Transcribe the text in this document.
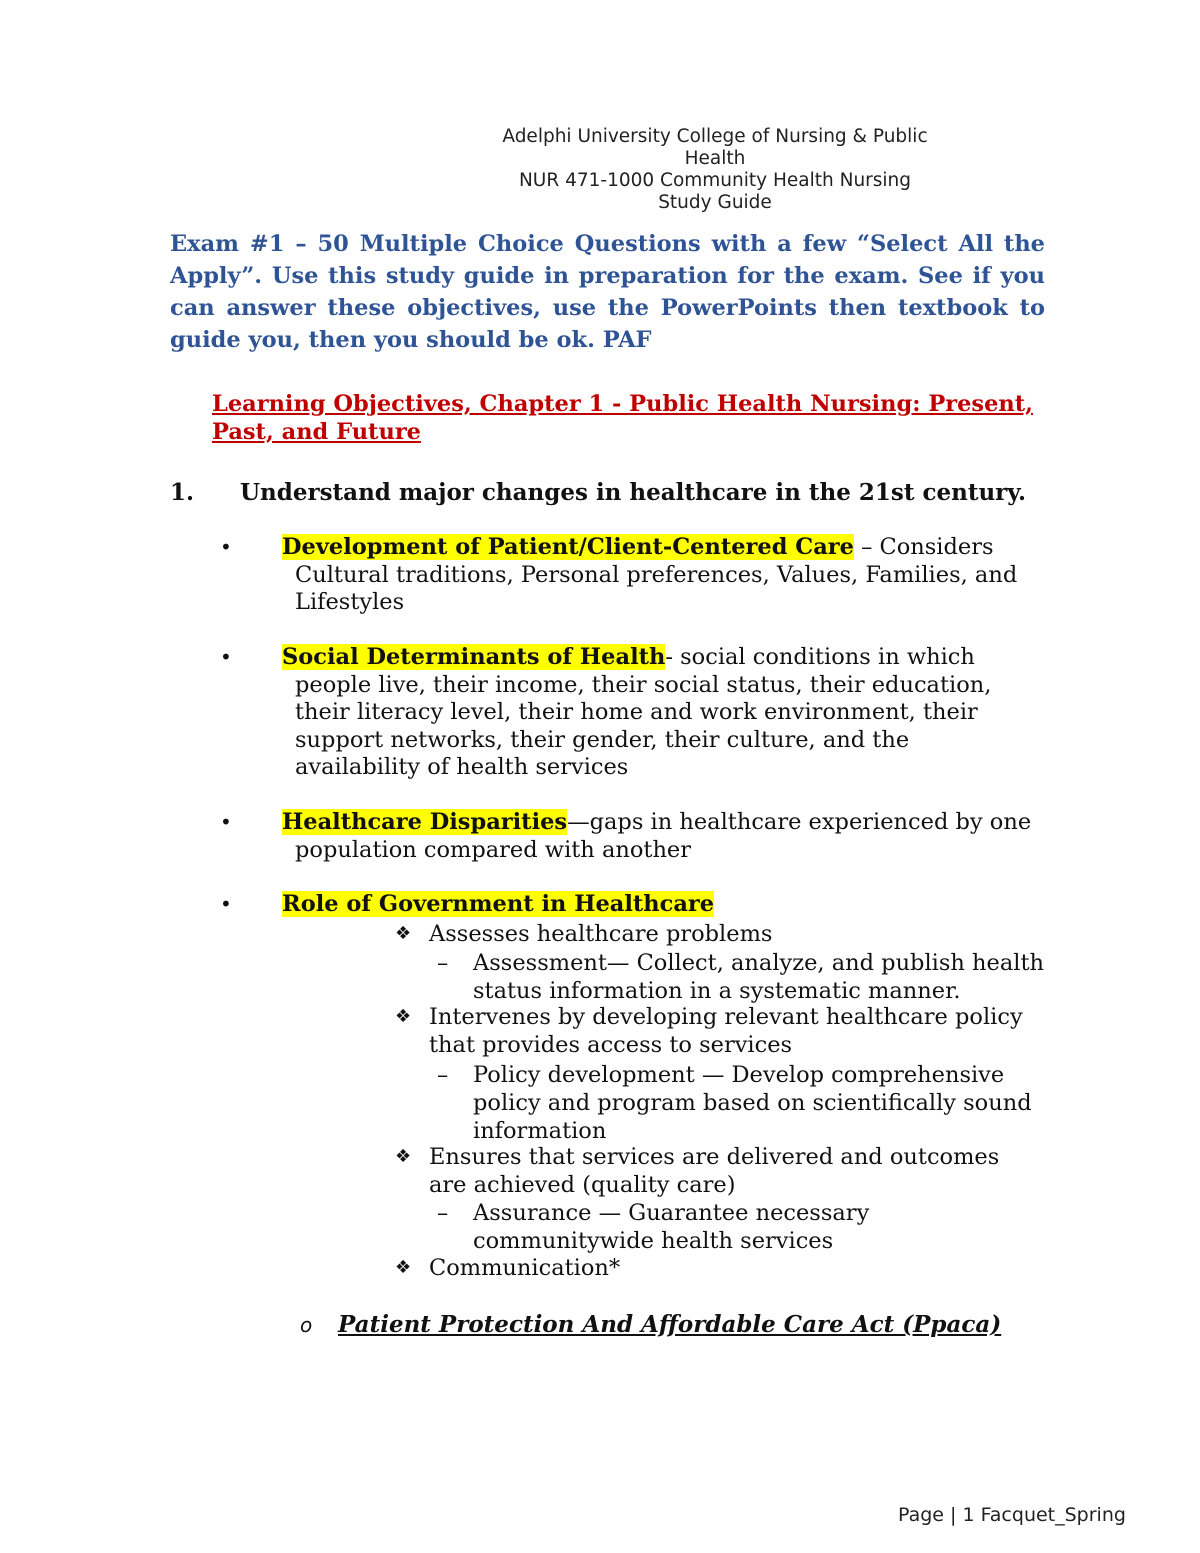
Adelphi University College of Nursing & Public
Health
NUR 471-1000 Community Health Nursing
Study Guide
Exam #1 – 50 Multiple Choice Questions with a few “Select All the Apply”. Use this study guide in preparation for the exam. See if you can answer these objectives, use the PowerPoints then textbook to guide you, then you should be ok. PAF
Learning Objectives, Chapter 1 - Public Health Nursing: Present,
Past, and Future
1. Understand major changes in healthcare in the 21st century.
• Development of Patient/Client-Centered Care – Considers
Cultural traditions, Personal preferences, Values, Families, and
Lifestyles
• Social Determinants of Health- social conditions in which
people live, their income, their social status, their education,
their literacy level, their home and work environment, their
support networks, their gender, their culture, and the
availability of health services
• Healthcare Disparities—gaps in healthcare experienced by one
population compared with another
• Role of Government in Healthcare
❖ Assesses healthcare problems
– Assessment— Collect, analyze, and publish health
status information in a systematic manner.
❖ Intervenes by developing relevant healthcare policy
that provides access to services
– Policy development — Develop comprehensive
policy and program based on scientifically sound
information
❖ Ensures that services are delivered and outcomes
are achieved (quality care)
– Assurance — Guarantee necessary
communitywide health services
❖ Communication*
o Patient Protection And Affordable Care Act (Ppaca)
Page | 1 Facquet_Spring
